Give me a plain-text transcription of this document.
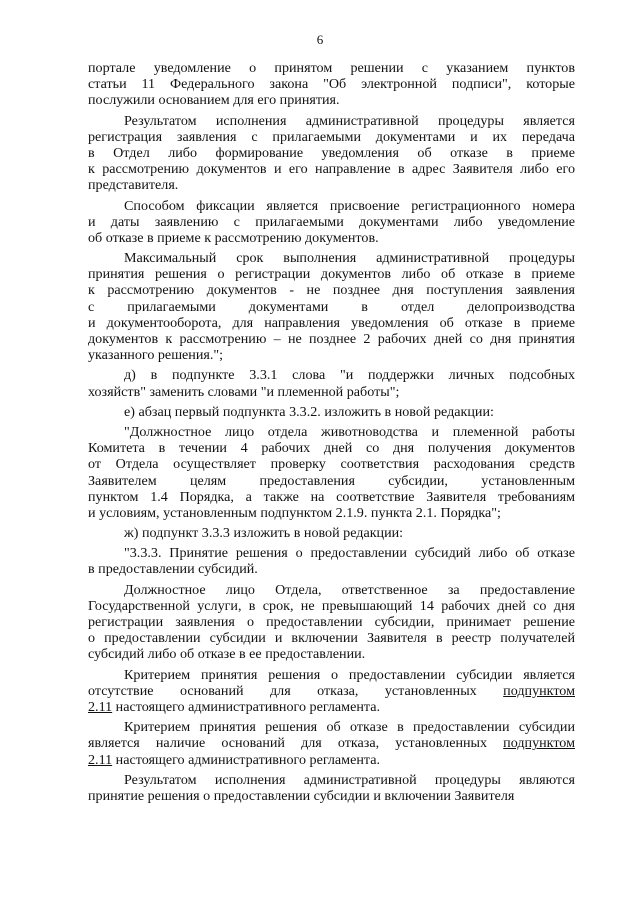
6
портале уведомление о принятом решении с указанием пунктов
статьи 11 Федерального закона "Об электронной подписи", которые
послужили основанием для его принятия.
Результатом исполнения административной процедуры является
регистрация заявления с прилагаемыми документами и их передача
в Отдел либо формирование уведомления об отказе в приеме
к рассмотрению документов и его направление в адрес Заявителя либо его
представителя.
Способом фиксации является присвоение регистрационного номера
и даты заявлению с прилагаемыми документами либо уведомление
об отказе в приеме к рассмотрению документов.
Максимальный срок выполнения административной процедуры
принятия решения о регистрации документов либо об отказе в приеме
к рассмотрению документов - не позднее дня поступления заявления
с прилагаемыми документами в отдел делопроизводства
и документооборота, для направления уведомления об отказе в приеме
документов к рассмотрению – не позднее 2 рабочих дней со дня принятия
указанного решения.";
д) в подпункте 3.3.1 слова "и поддержки личных подсобных
хозяйств" заменить словами "и племенной работы";
е) абзац первый подпункта 3.3.2. изложить в новой редакции:
"Должностное лицо отдела животноводства и племенной работы
Комитета в течении 4 рабочих дней со дня получения документов
от Отдела осуществляет проверку соответствия расходования средств
Заявителем целям предоставления субсидии, установленным
пунктом 1.4 Порядка, а также на соответствие Заявителя требованиям
и условиям, установленным подпунктом 2.1.9. пункта 2.1. Порядка";
ж) подпункт 3.3.3 изложить в новой редакции:
"3.3.3. Принятие решения о предоставлении субсидий либо об отказе
в предоставлении субсидий.
Должностное лицо Отдела, ответственное за предоставление
Государственной услуги, в срок, не превышающий 14 рабочих дней со дня
регистрации заявления о предоставлении субсидии, принимает решение
о предоставлении субсидии и включении Заявителя в реестр получателей
субсидий либо об отказе в ее предоставлении.
Критерием принятия решения о предоставлении субсидии является
отсутствие оснований для отказа, установленных подпунктом
2.11 настоящего административного регламента.
Критерием принятия решения об отказе в предоставлении субсидии
является наличие оснований для отказа, установленных подпунктом
2.11 настоящего административного регламента.
Результатом исполнения административной процедуры являются
принятие решения о предоставлении субсидии и включении Заявителя
